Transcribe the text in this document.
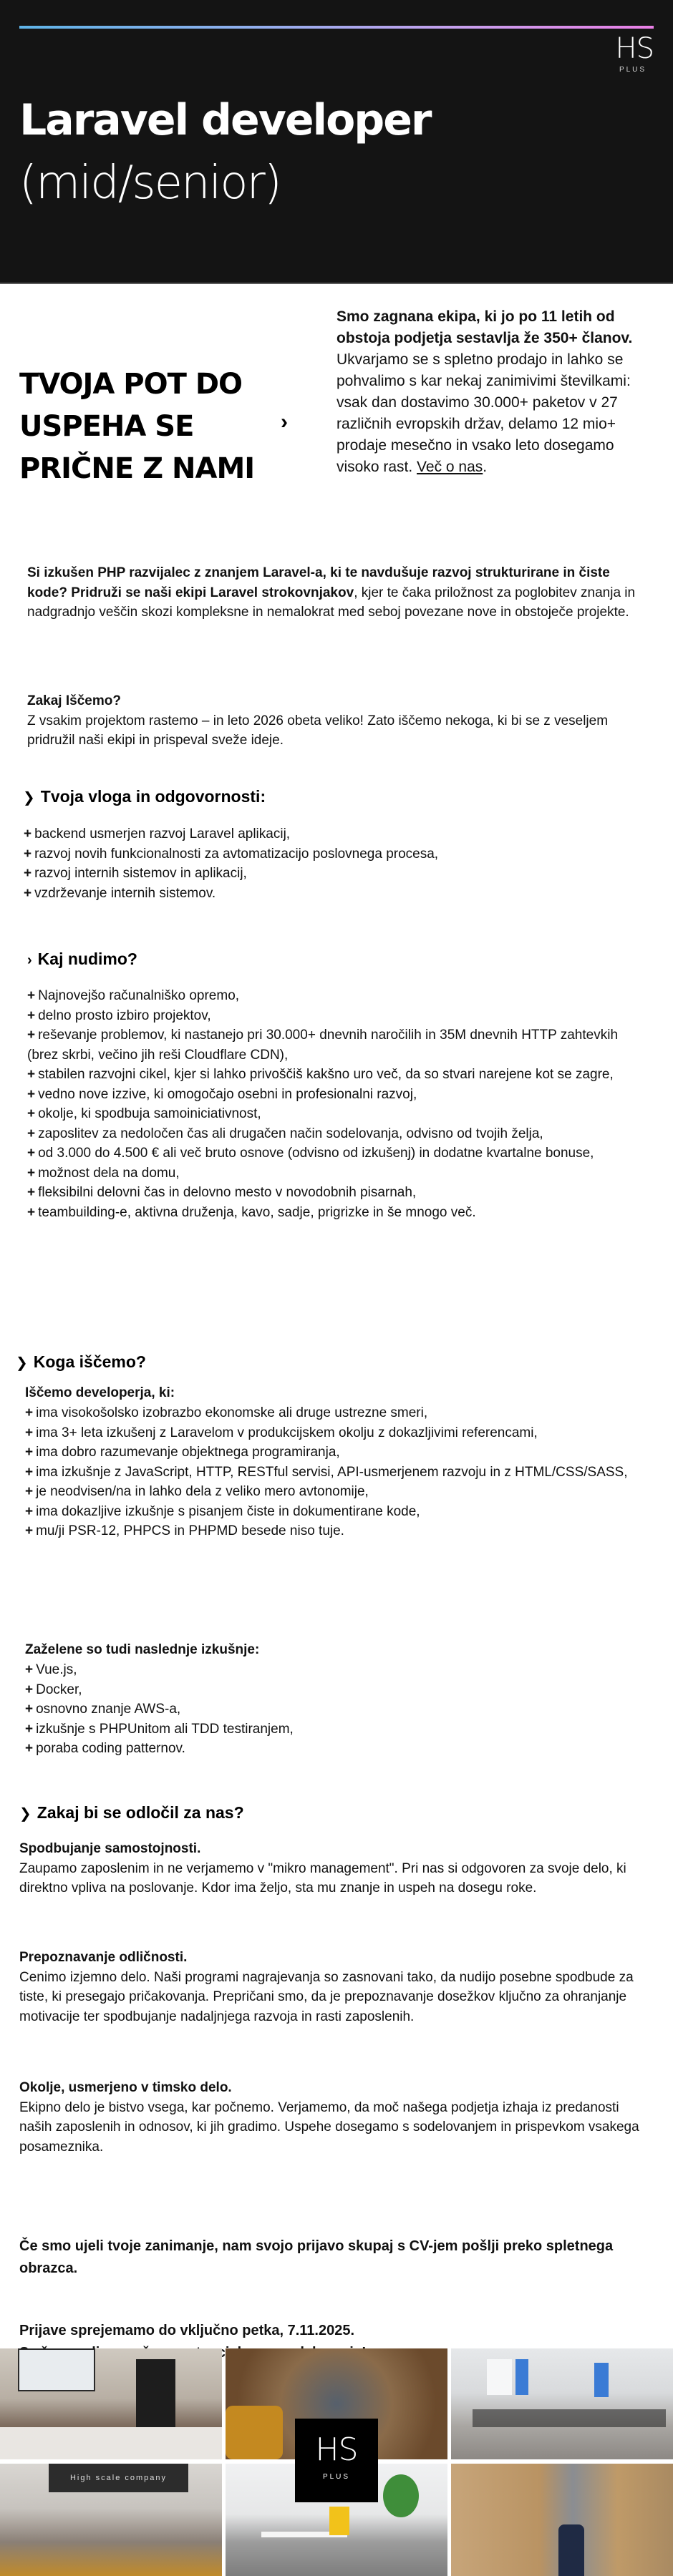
HS
PLUS
Laravel developer
(mid/senior)
TVOJA POT DO
USPEHA SE
PRIČNE Z NAMI
›
Smo zagnana ekipa, ki jo po 11 letih od obstoja podjetja sestavlja že 350+ članov. Ukvarjamo se s spletno prodajo in lahko se pohvalimo s kar nekaj zanimivimi številkami: vsak dan dostavimo 30.000+ paketov v 27 različnih evropskih držav, delamo 12 mio+ prodaje mesečno in vsako leto dosegamo visoko rast. Več o nas.
Si izkušen PHP razvijalec z znanjem Laravel-a, ki te navdušuje razvoj strukturirane in čiste kode? Pridruži se naši ekipi Laravel strokovnjakov, kjer te čaka priložnost za poglobitev znanja in nadgradnjo veščin skozi kompleksne in nemalokrat med seboj povezane nove in obstoječe projekte.
Zakaj Iščemo?
Z vsakim projektom rastemo – in leto 2026 obeta veliko! Zato iščemo nekoga, ki bi se z veseljem pridružil naši ekipi in prispeval sveže ideje.
❯ Tvoja vloga in odgovornosti:
+ backend usmerjen razvoj Laravel aplikacij,
+ razvoj novih funkcionalnosti za avtomatizacijo poslovnega procesa,
+ razvoj internih sistemov in aplikacij,
+ vzdrževanje internih sistemov.
› Kaj nudimo?
+ Najnovejšo računalniško opremo,
+ delno prosto izbiro projektov,
+ reševanje problemov, ki nastanejo pri 30.000+ dnevnih naročilih in 35M dnevnih HTTP zahtevkih (brez skrbi, večino jih reši Cloudflare CDN),
+ stabilen razvojni cikel, kjer si lahko privoščiš kakšno uro več, da so stvari narejene kot se zagre,
+ vedno nove izzive, ki omogočajo osebni in profesionalni razvoj,
+ okolje, ki spodbuja samoiniciativnost,
+ zaposlitev za nedoločen čas ali drugačen način sodelovanja, odvisno od tvojih želja,
+ od 3.000 do 4.500 € ali več bruto osnove (odvisno od izkušenj) in dodatne kvartalne bonuse,
+ možnost dela na domu,
+ fleksibilni delovni čas in delovno mesto v novodobnih pisarnah,
+ teambuilding-e, aktivna druženja, kavo, sadje, prigrizke in še mnogo več.
❯ Koga iščemo?
Iščemo developerja, ki:
+ ima visokošolsko izobrazbo ekonomske ali druge ustrezne smeri,
+ ima 3+ leta izkušenj z Laravelom v produkcijskem okolju z dokazljivimi referencami,
+ ima dobro razumevanje objektnega programiranja,
+ ima izkušnje z JavaScript, HTTP, RESTful servisi, API-usmerjenem razvoju in z HTML/CSS/SASS,
+ je neodvisen/na in lahko dela z veliko mero avtonomije,
+ ima dokazljive izkušnje s pisanjem čiste in dokumentirane kode,
+ mu/ji PSR-12, PHPCS in PHPMD besede niso tuje.
Zaželene so tudi naslednje izkušnje:
+ Vue.js,
+ Docker,
+ osnovno znanje AWS-a,
+ izkušnje s PHPUnitom ali TDD testiranjem,
+ poraba coding patternov.
❯ Zakaj bi se odločil za nas?
Spodbujanje samostojnosti.
Zaupamo zaposlenim in ne verjamemo v "mikro management". Pri nas si odgovoren za svoje delo, ki direktno vpliva na poslovanje. Kdor ima željo, sta mu znanje in uspeh na dosegu roke.
Prepoznavanje odličnosti.
Cenimo izjemno delo. Naši programi nagrajevanja so zasnovani tako, da nudijo posebne spodbude za tiste, ki presegajo pričakovanja. Prepričani smo, da je prepoznavanje dosežkov ključno za ohranjanje motivacije ter spodbujanje nadaljnjega razvoja in rasti zaposlenih.
Okolje, usmerjeno v timsko delo.
Ekipno delo je bistvo vsega, kar počnemo. Verjamemo, da moč našega podjetja izhaja iz predanosti naših zaposlenih in odnosov, ki jih gradimo. Uspehe dosegamo s sodelovanjem in prispevkom vsakega posameznika.
Če smo ujeli tvoje zanimanje, nam svojo prijavo skupaj s CV-jem pošlji preko spletnega obrazca.
Prijave sprejemamo do vključno petka, 7.11.2025.

High scale company
HS
PLUS
